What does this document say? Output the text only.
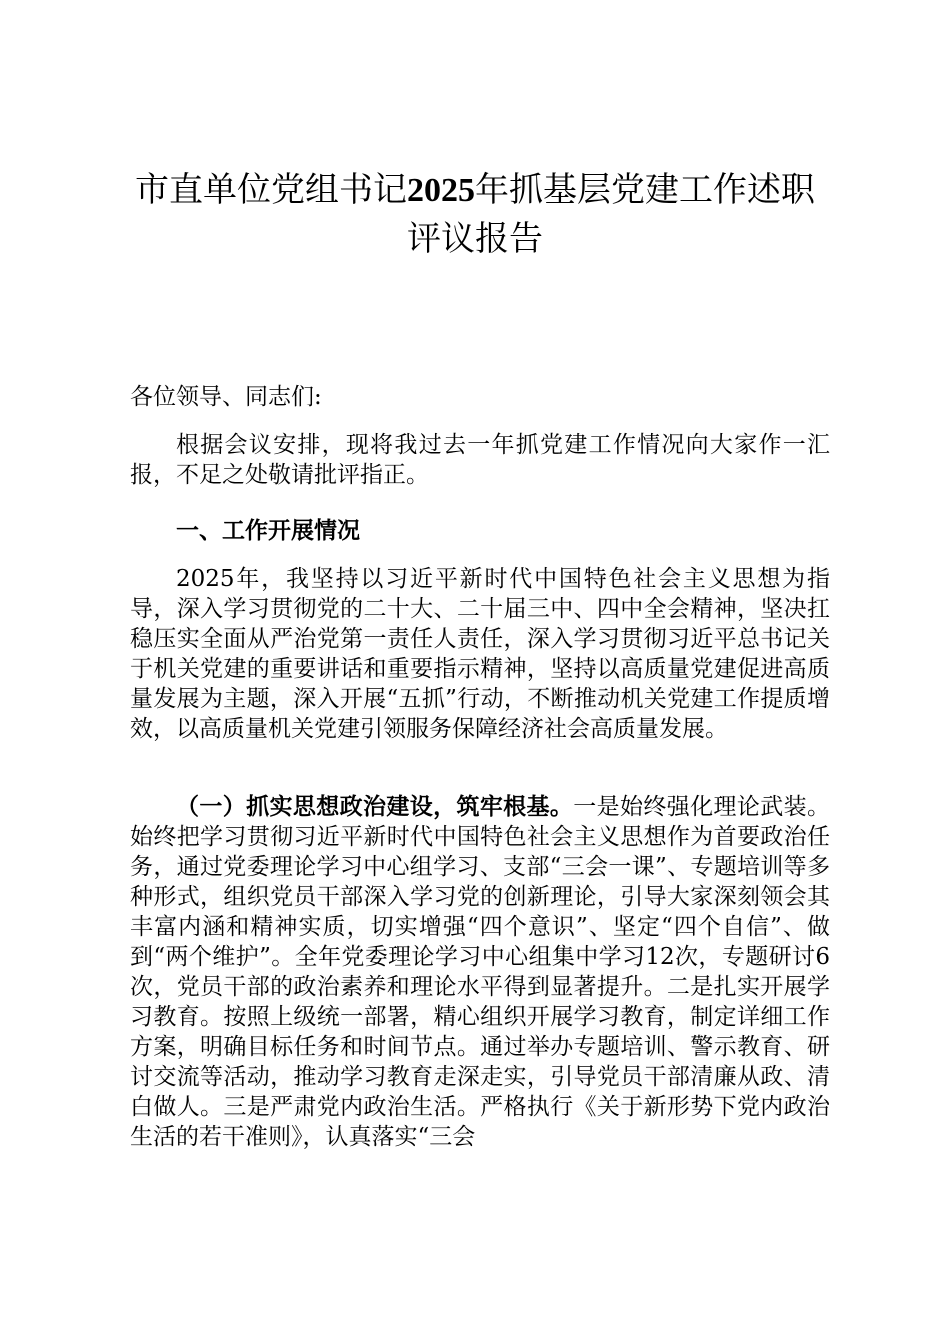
市直单位党组书记2025年抓基层党建工作述职评议报告

各位领导、同志们:

根据会议安排，现将我过去一年抓党建工作情况向大家作一汇报，不足之处敬请批评指正。

一、工作开展情况

2025年，我坚持以习近平新时代中国特色社会主义思想为指导，深入学习贯彻党的二十大、二十届三中、四中全会精神，坚决扛稳压实全面从严治党第一责任人责任，深入学习贯彻习近平总书记关于机关党建的重要讲话和重要指示精神，坚持以高质量党建促进高质量发展为主题，深入开展“五抓”行动，不断推动机关党建工作提质增效，以高质量机关党建引领服务保障经济社会高质量发展。

（一）抓实思想政治建设，筑牢根基。一是始终强化理论武装。始终把学习贯彻习近平新时代中国特色社会主义思想作为首要政治任务，通过党委理论学习中心组学习、支部“三会一课”、专题培训等多种形式，组织党员干部深入学习党的创新理论，引导大家深刻领会其丰富内涵和精神实质，切实增强“四个意识”、坚定“四个自信”、做到“两个维护”。全年党委理论学习中心组集中学习12次，专题研讨6次，党员干部的政治素养和理论水平得到显著提升。二是扎实开展学习教育。按照上级统一部署，精心组织开展学习教育，制定详细工作方案，明确目标任务和时间节点。通过举办专题培训、警示教育、研讨交流等活动，推动学习教育走深走实，引导党员干部清廉从政、清白做人。三是严肃党内政治生活。严格执行《关于新形势下党内政治生活的若干准则》，认真落实“三会
